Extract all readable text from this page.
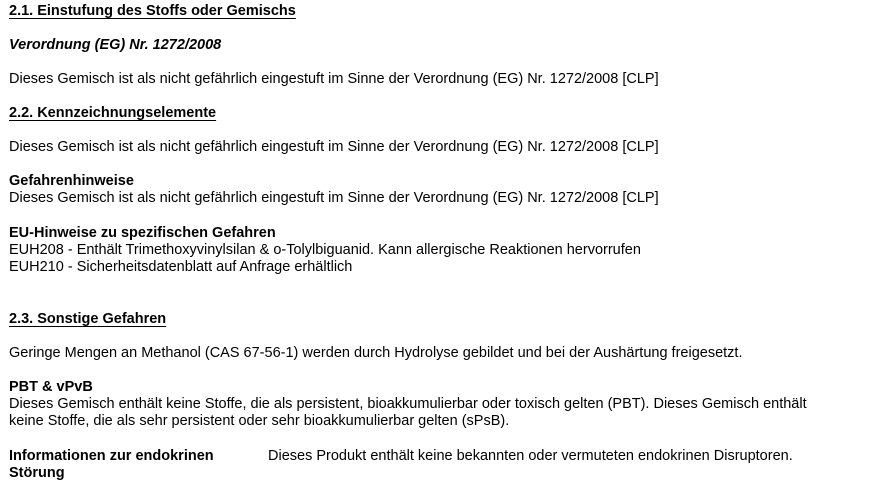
2.1. Einstufung des Stoffs oder Gemischs
Verordnung (EG) Nr. 1272/2008
Dieses Gemisch ist als nicht gefährlich eingestuft im Sinne der Verordnung (EG) Nr. 1272/2008 [CLP]
2.2. Kennzeichnungselemente
Dieses Gemisch ist als nicht gefährlich eingestuft im Sinne der Verordnung (EG) Nr. 1272/2008 [CLP]
Gefahrenhinweise
Dieses Gemisch ist als nicht gefährlich eingestuft im Sinne der Verordnung (EG) Nr. 1272/2008 [CLP]
EU-Hinweise zu spezifischen Gefahren
EUH208 - Enthält Trimethoxyvinylsilan & o-Tolylbiguanid. Kann allergische Reaktionen hervorrufen
EUH210 - Sicherheitsdatenblatt auf Anfrage erhältlich
2.3. Sonstige Gefahren
Geringe Mengen an Methanol (CAS 67-56-1) werden durch Hydrolyse gebildet und bei der Aushärtung freigesetzt.
PBT & vPvB
Dieses Gemisch enthält keine Stoffe, die als persistent, bioakkumulierbar oder toxisch gelten (PBT). Dieses Gemisch enthält
keine Stoffe, die als sehr persistent oder sehr bioakkumulierbar gelten (sPsB).
Informationen zur endokrinen
Störung
Dieses Produkt enthält keine bekannten oder vermuteten endokrinen Disruptoren.
